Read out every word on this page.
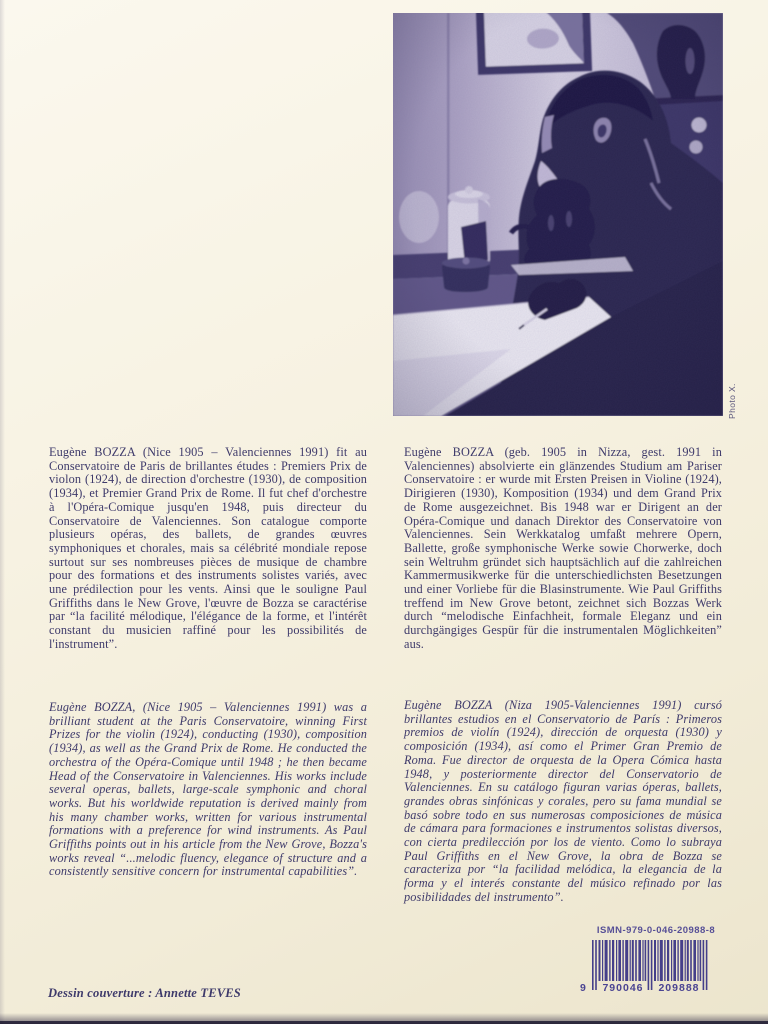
Photo X.

Eugène BOZZA (Nice 1905 – Valenciennes 1991) fit au Conservatoire de Paris de brillantes études : Premiers Prix de violon (1924), de direction d'orchestre (1930), de composition (1934), et Premier Grand Prix de Rome. Il fut chef d'orchestre à l'Opéra-Comique jusqu'en 1948, puis directeur du Conservatoire de Valenciennes. Son catalogue comporte plusieurs opéras, des ballets, de grandes œuvres symphoniques et chorales, mais sa célébrité mondiale repose surtout sur ses nombreuses pièces de musique de chambre pour des formations et des instruments solistes variés, avec une prédilection pour les vents. Ainsi que le souligne Paul Griffiths dans le New Grove, l'œuvre de Bozza se caractérise par “la facilité mélodique, l'élégance de la forme, et l'intérêt constant du musicien raffiné pour les possibilités de l'instrument”.

Eugène BOZZA (geb. 1905 in Nizza, gest. 1991 in Valenciennes) absolvierte ein glänzendes Studium am Pariser Conservatoire : er wurde mit Ersten Preisen in Violine (1924), Dirigieren (1930), Komposition (1934) und dem Grand Prix de Rome ausgezeichnet. Bis 1948 war er Dirigent an der Opéra-Comique und danach Direktor des Conservatoire von Valenciennes. Sein Werkkatalog umfaßt mehrere Opern, Ballette, große symphonische Werke sowie Chorwerke, doch sein Weltruhm gründet sich hauptsächlich auf die zahlreichen Kammermusikwerke für die unterschiedlichsten Besetzungen und einer Vorliebe für die Blasinstrumente. Wie Paul Griffiths treffend im New Grove betont, zeichnet sich Bozzas Werk durch “melodische Einfachheit, formale Eleganz und ein durchgängiges Gespür für die instrumentalen Möglichkeiten” aus.

Eugène BOZZA, (Nice 1905 – Valenciennes 1991) was a brilliant student at the Paris Conservatoire, winning First Prizes for the violin (1924), conducting (1930), composition (1934), as well as the Grand Prix de Rome. He conducted the orchestra of the Opéra-Comique until 1948 ; he then became Head of the Conservatoire in Valenciennes. His works include several operas, ballets, large-scale symphonic and choral works. But his worldwide reputation is derived mainly from his many chamber works, written for various instrumental formations with a preference for wind instruments. As Paul Griffiths points out in his article from the New Grove, Bozza's works reveal “...melodic fluency, elegance of structure and a consistently sensitive concern for instrumental capabilities”.

Eugène BOZZA (Niza 1905-Valenciennes 1991) cursó brillantes estudios en el Conservatorio de París : Primeros premios de violín (1924), dirección de orquesta (1930) y composición (1934), así como el Primer Gran Premio de Roma. Fue director de orquesta de la Opera Cómica hasta 1948, y posteriormente director del Conservatorio de Valenciennes. En su catálogo figuran varias óperas, ballets, grandes obras sinfónicas y corales, pero su fama mundial se basó sobre todo en sus numerosas composiciones de música de cámara para formaciones e instrumentos solistas diversos, con cierta predilección por los de viento. Como lo subraya Paul Griffiths en el New Grove, la obra de Bozza se caracteriza por “la facilidad melódica, la elegancia de la forma y el interés constante del músico refinado por las posibilidades del instrumento”.

ISMN-979-0-046-20988-8
9	790046	209888

Dessin couverture : Annette TEVES
